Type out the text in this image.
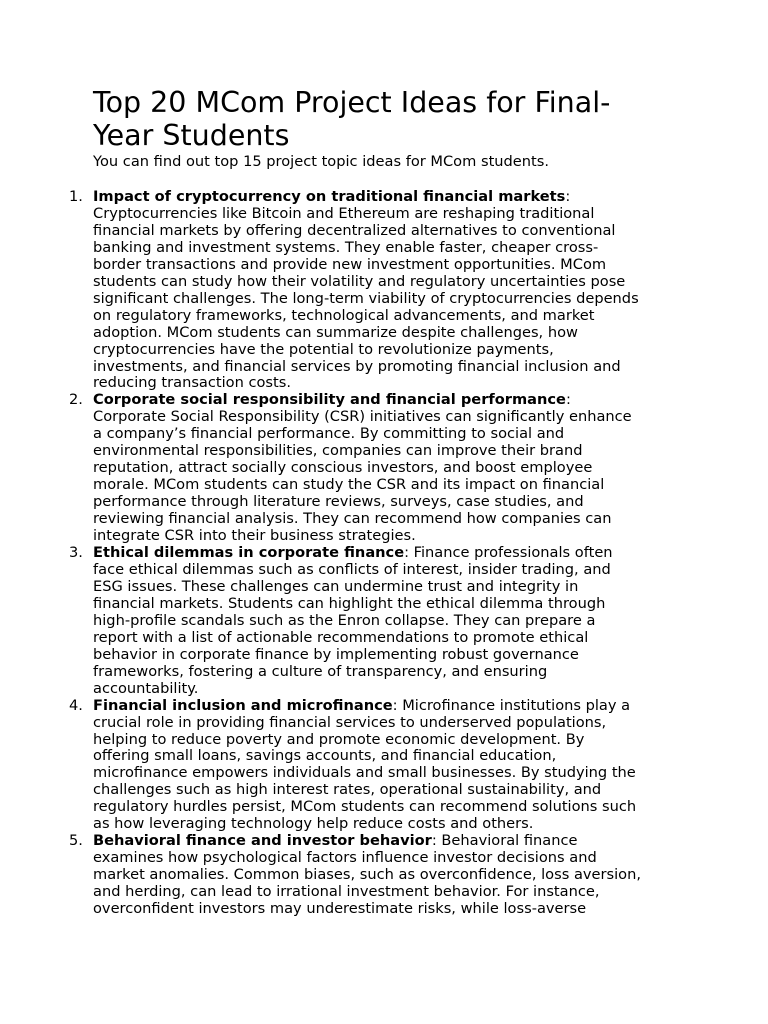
Top 20 MCom Project Ideas for Final-
Year Students

You can find out top 15 project topic ideas for MCom students.

1. Impact of cryptocurrency on traditional financial markets:
Cryptocurrencies like Bitcoin and Ethereum are reshaping traditional
financial markets by offering decentralized alternatives to conventional
banking and investment systems. They enable faster, cheaper cross-
border transactions and provide new investment opportunities. MCom
students can study how their volatility and regulatory uncertainties pose
significant challenges. The long-term viability of cryptocurrencies depends
on regulatory frameworks, technological advancements, and market
adoption. MCom students can summarize despite challenges, how
cryptocurrencies have the potential to revolutionize payments,
investments, and financial services by promoting financial inclusion and
reducing transaction costs.
2. Corporate social responsibility and financial performance:
Corporate Social Responsibility (CSR) initiatives can significantly enhance
a company’s financial performance. By committing to social and
environmental responsibilities, companies can improve their brand
reputation, attract socially conscious investors, and boost employee
morale. MCom students can study the CSR and its impact on financial
performance through literature reviews, surveys, case studies, and
reviewing financial analysis. They can recommend how companies can
integrate CSR into their business strategies.
3. Ethical dilemmas in corporate finance: Finance professionals often
face ethical dilemmas such as conflicts of interest, insider trading, and
ESG issues. These challenges can undermine trust and integrity in
financial markets. Students can highlight the ethical dilemma through
high-profile scandals such as the Enron collapse. They can prepare a
report with a list of actionable recommendations to promote ethical
behavior in corporate finance by implementing robust governance
frameworks, fostering a culture of transparency, and ensuring
accountability.
4. Financial inclusion and microfinance: Microfinance institutions play a
crucial role in providing financial services to underserved populations,
helping to reduce poverty and promote economic development. By
offering small loans, savings accounts, and financial education,
microfinance empowers individuals and small businesses. By studying the
challenges such as high interest rates, operational sustainability, and
regulatory hurdles persist, MCom students can recommend solutions such
as how leveraging technology help reduce costs and others.
5. Behavioral finance and investor behavior: Behavioral finance
examines how psychological factors influence investor decisions and
market anomalies. Common biases, such as overconfidence, loss aversion,
and herding, can lead to irrational investment behavior. For instance,
overconfident investors may underestimate risks, while loss-averse
